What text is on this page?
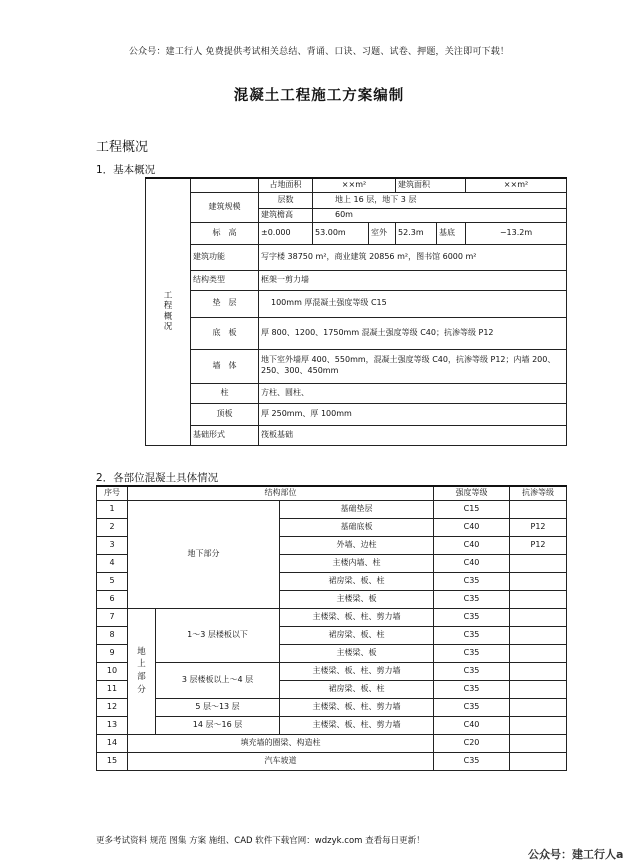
公众号：建工行人 免费提供考试相关总结、背诵、口诀、习题、试卷、押题，关注即可下载！
混凝土工程施工方案编制
工程概况
1．基本概况
工
程
概
况		占地面积	××m²		建筑面积		××m²
	建筑规模	层数	地上 16 层，地下 3 层				
		建筑檐高	60m				
	标　高	±0.000	53.00m	室外	52.3m	基底	−13.2m
	建筑功能	写字楼 38750 m²，商业建筑 20856 m²，图书馆 6000 m²					
	结构类型	框架一剪力墙					
	垫　层	100mm 厚混凝土强度等级 C15					
	底　板	厚 800、1200、1750mm 混凝土强度等级 C40；抗渗等级 P12					
	墙　体	地下室外墙厚 400、550mm，混凝土强度等级 C40，抗渗等级 P12；内墙 200、250、300、450mm					
	柱	方柱、圆柱、					
	顶板	厚 250mm、厚 100mm					
	基础形式	筏板基础					
2．各部位混凝土具体情况
序号	结构部位			强度等级	抗渗等级
1	地下部分		基础垫层	C15	
2			基础底板	C40	P12
3			外墙、边柱	C40	P12
4			主楼内墙、柱	C40	
5			裙房梁、板、柱	C35	
6			主楼梁、板	C35	
7	地上部分	1～3 层楼板以下	主楼梁、板、柱、剪力墙	C35	
8			裙房梁、板、柱	C35	
9			主楼梁、板	C35	
10		3 层楼板以上～4 层	主楼梁、板、柱、剪力墙	C35	
11			裙房梁、板、柱	C35	
12		5 层～13 层	主楼梁、板、柱、剪力墙	C35	
13		14 层～16 层	主楼梁、板、柱、剪力墙	C40	
14	填充墙的圈梁、构造柱			C20	
15	汽车坡道			C35	
更多考试资料 规范 图集 方案 施组、CAD 软件下载官网：wdzyk.com 查看每日更新！
公众号：建工行人a
